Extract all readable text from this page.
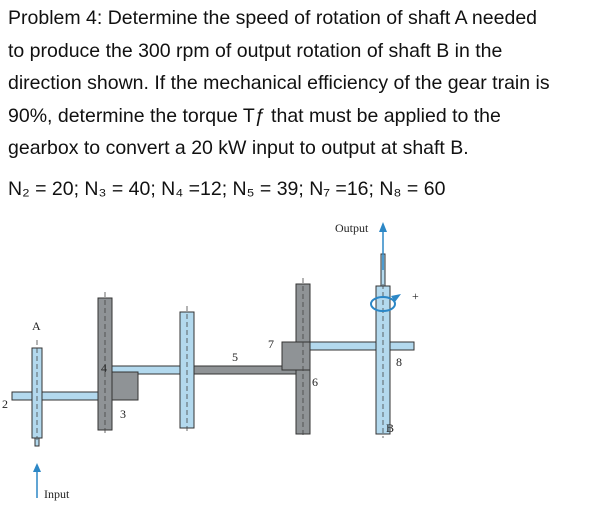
Problem 4: Determine the speed of rotation of shaft A needed

to produce the 300 rpm of output rotation of shaft B in the

direction shown. If the mechanical efficiency of the gear train is

90%, determine the torque Tƒ that must be applied to the

gearbox to convert a 20 kW input to output at shaft B.

N₂ = 20; N₃ = 40; N₄ =12; N₅ = 39; N₇ =16; N₈ = 60
Output
Input
A
B
2
3
4
5
6
7
8
+
